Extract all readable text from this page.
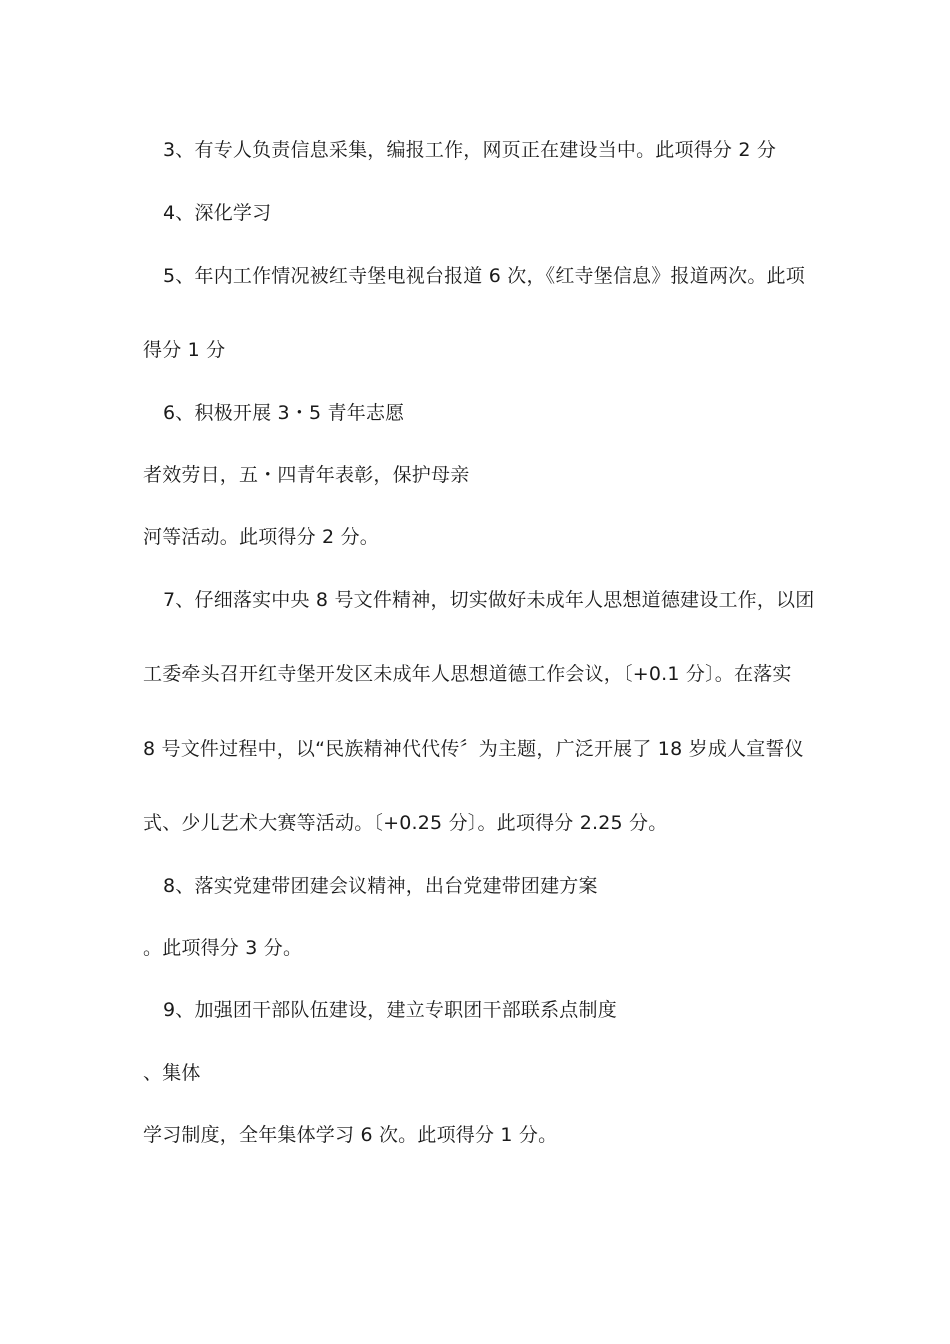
3、有专人负责信息采集，编报工作，网页正在建设当中。此项得分 2 分
4、深化学习
5、年内工作情况被红寺堡电视台报道 6 次，《红寺堡信息》报道两次。此项
得分 1 分
6、积极开展 3・5 青年志愿
者效劳日，五・四青年表彰，保护母亲
河等活动。此项得分 2 分。
7、仔细落实中央 8 号文件精神，切实做好未成年人思想道德建设工作，以团
工委牵头召开红寺堡开发区未成年人思想道德工作会议，〔+0.1 分〕。在落实
8 号文件过程中，以“民族精神代代传〞为主题，广泛开展了 18 岁成人宣誓仪
式、少儿艺术大赛等活动。〔+0.25 分〕。此项得分 2.25 分。
8、落实党建带团建会议精神，出台党建带团建方案
。此项得分 3 分。
9、加强团干部队伍建设，建立专职团干部联系点制度
、集体
学习制度，全年集体学习 6 次。此项得分 1 分。
